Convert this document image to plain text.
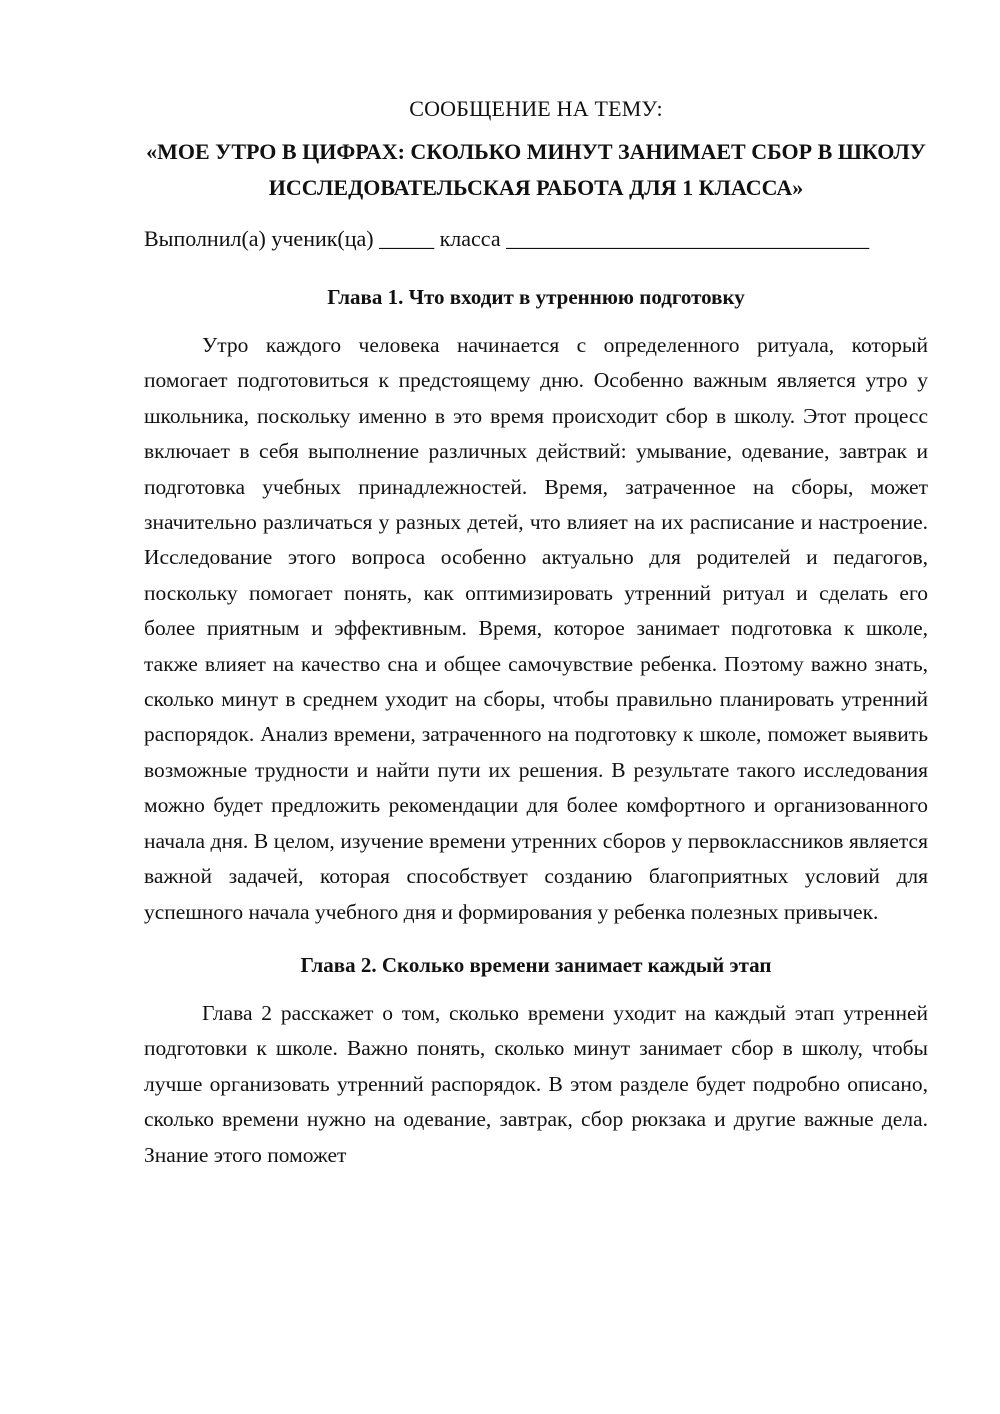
СООБЩЕНИЕ НА ТЕМУ:
«МОЕ УТРО В ЦИФРАХ: СКОЛЬКО МИНУТ ЗАНИМАЕТ СБОР В ШКОЛУ ИССЛЕДОВАТЕЛЬСКАЯ РАБОТА ДЛЯ 1 КЛАССА»
Выполнил(а) ученик(ца) _____ класса _________________________________
Глава 1. Что входит в утреннюю подготовку

Утро каждого человека начинается с определенного ритуала, который помогает подготовиться к предстоящему дню. Особенно важным является утро у школьника, поскольку именно в это время происходит сбор в школу. Этот процесс включает в себя выполнение различных действий: умывание, одевание, завтрак и подготовка учебных принадлежностей. Время, затраченное на сборы, может значительно различаться у разных детей, что влияет на их расписание и настроение. Исследование этого вопроса особенно актуально для родителей и педагогов, поскольку помогает понять, как оптимизировать утренний ритуал и сделать его более приятным и эффективным. Время, которое занимает подготовка к школе, также влияет на качество сна и общее самочувствие ребенка. Поэтому важно знать, сколько минут в среднем уходит на сборы, чтобы правильно планировать утренний распорядок. Анализ времени, затраченного на подготовку к школе, поможет выявить возможные трудности и найти пути их решения. В результате такого исследования можно будет предложить рекомендации для более комфортного и организованного начала дня. В целом, изучение времени утренних сборов у первоклассников является важной задачей, которая способствует созданию благоприятных условий для успешного начала учебного дня и формирования у ребенка полезных привычек.

Глава 2. Сколько времени занимает каждый этап

Глава 2 расскажет о том, сколько времени уходит на каждый этап утренней подготовки к школе. Важно понять, сколько минут занимает сбор в школу, чтобы лучше организовать утренний распорядок. В этом разделе будет подробно описано, сколько времени нужно на одевание, завтрак, сбор рюкзака и другие важные дела. Знание этого поможет
